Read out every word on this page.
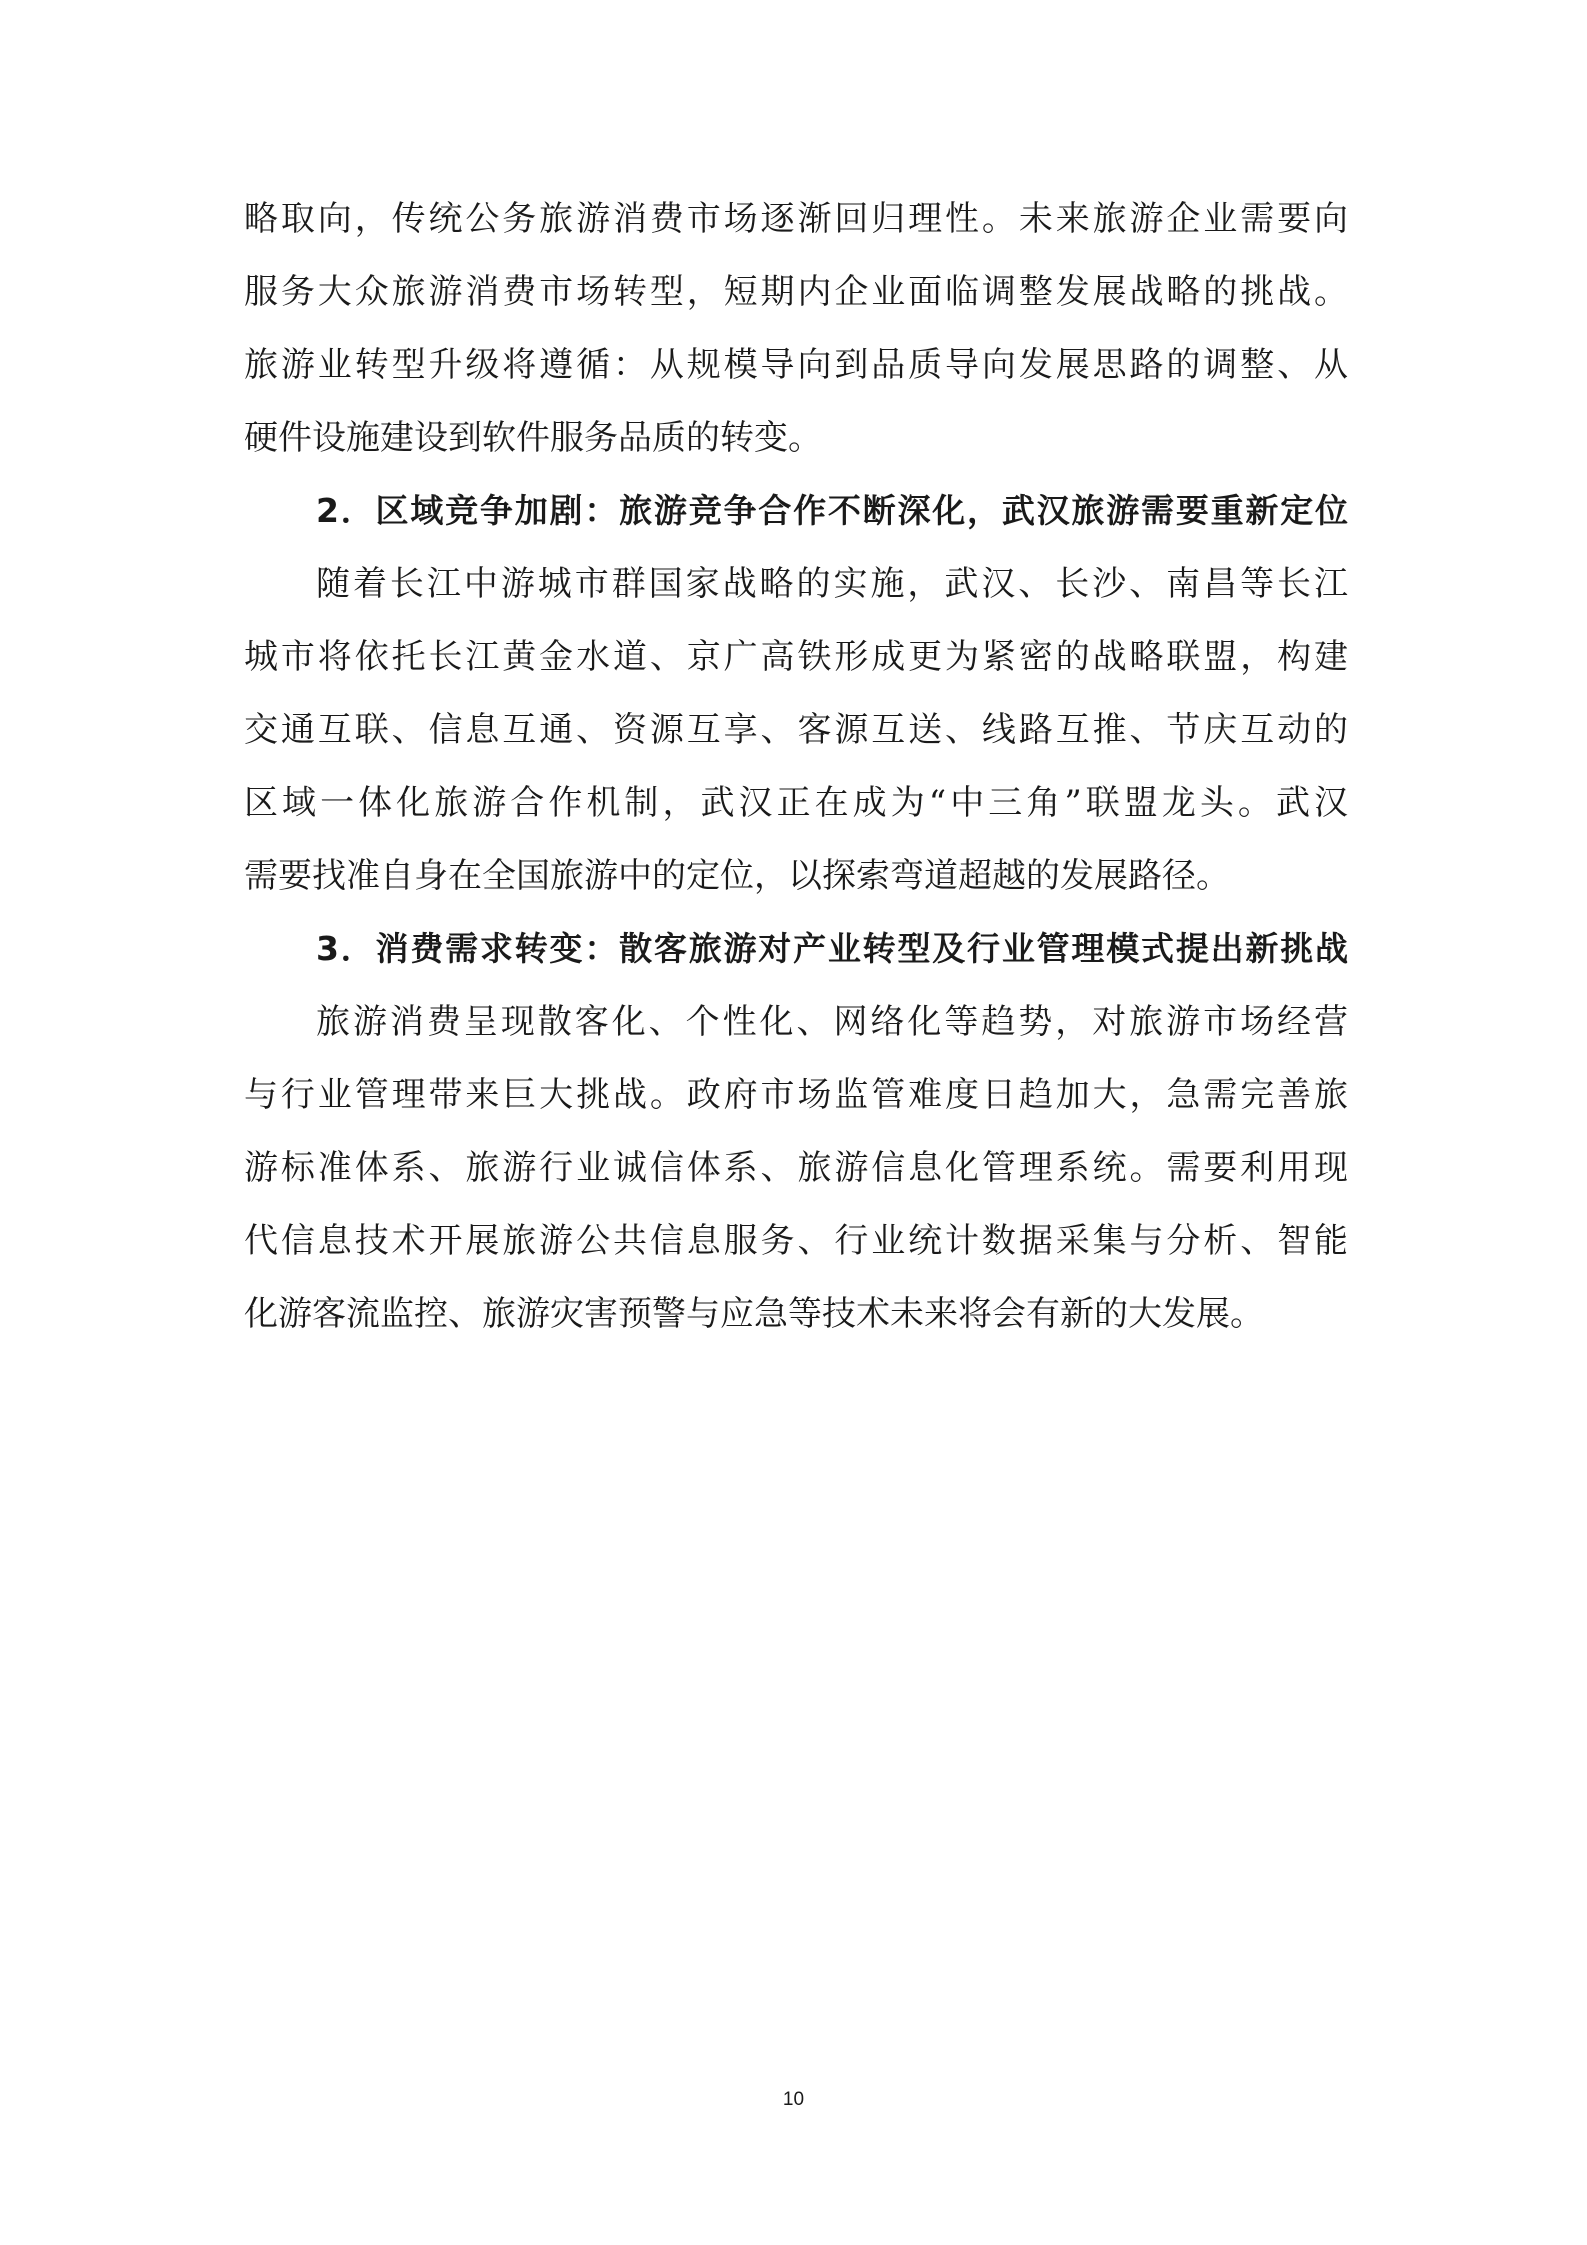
略取向，传统公务旅游消费市场逐渐回归理性。未来旅游企业需要向
服务大众旅游消费市场转型，短期内企业面临调整发展战略的挑战。
旅游业转型升级将遵循：从规模导向到品质导向发展思路的调整、从
硬件设施建设到软件服务品质的转变。
2．区域竞争加剧：旅游竞争合作不断深化，武汉旅游需要重新定位
随着长江中游城市群国家战略的实施，武汉、长沙、南昌等长江
城市将依托长江黄金水道、京广高铁形成更为紧密的战略联盟，构建
交通互联、信息互通、资源互享、客源互送、线路互推、节庆互动的
区域一体化旅游合作机制，武汉正在成为“中三角”联盟龙头。武汉
需要找准自身在全国旅游中的定位，以探索弯道超越的发展路径。
3．消费需求转变：散客旅游对产业转型及行业管理模式提出新挑战
旅游消费呈现散客化、个性化、网络化等趋势，对旅游市场经营
与行业管理带来巨大挑战。政府市场监管难度日趋加大，急需完善旅
游标准体系、旅游行业诚信体系、旅游信息化管理系统。需要利用现
代信息技术开展旅游公共信息服务、行业统计数据采集与分析、智能
化游客流监控、旅游灾害预警与应急等技术未来将会有新的大发展。
10
